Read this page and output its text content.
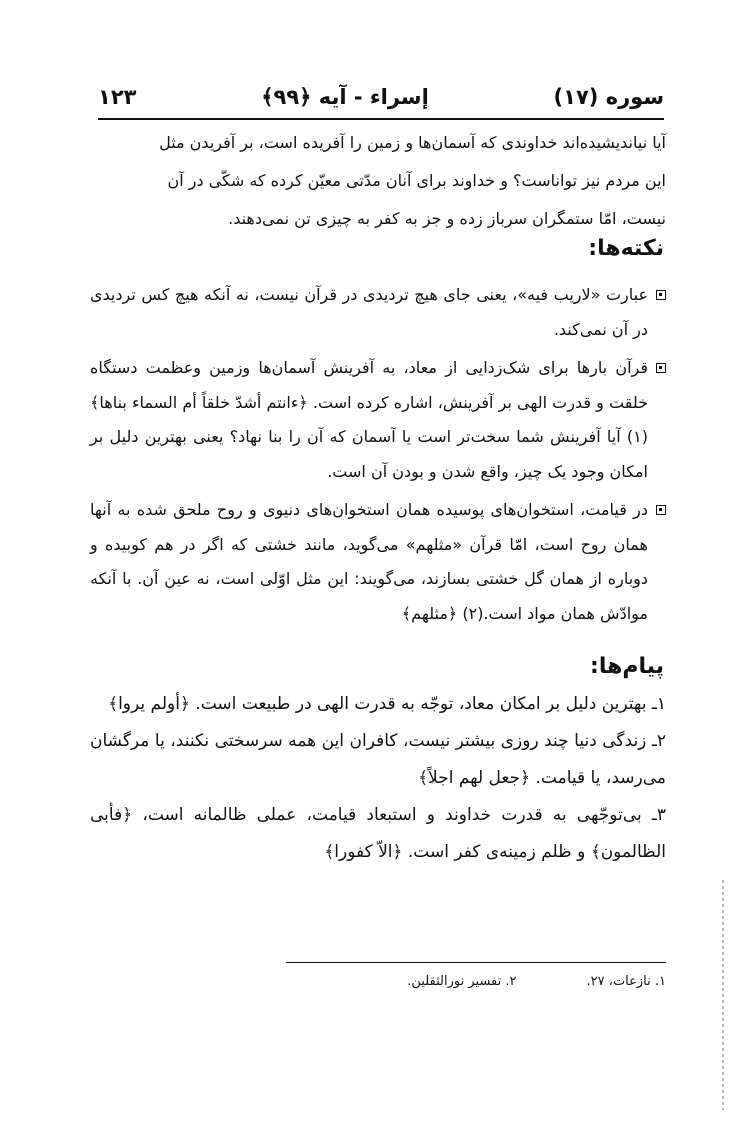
سوره (۱۷)
إسراء - آیه ﴿۹۹﴾
۱۲۳

آیا نیاندیشیده‌اند خداوندی که آسمان‌ها و زمین را آفریده است، بر آفریدن مثل

این مردم نیز تواناست؟ و خداوند برای آنان مدّتی معیّن کرده که شکّی در آن

نیست، امّا ستمگران سرباز زده و جز به کفر به چیزی تن نمی‌دهند.

نکته‌ها:

عبارت «لاریب فیه»، یعنی جای هیچ تردیدی در قرآن نیست، نه آنکه هیچ کس تردیدی در آن نمی‌کند.

قرآن بارها برای شک‌زدایی از معاد، به آفرینش آسمان‌ها وزمین وعظمت دستگاه خلقت و قدرت الهی بر آفرینش، اشاره کرده است. ﴿ءانتم أشدّ خلقاً أم السماء بناها﴾(۱) آیا آفرینش شما سخت‌تر است یا آسمان که آن را بنا نهاد؟ یعنی بهترین دلیل بر امکان وجود یک چیز، واقع شدن و بودن آن است.

در قیامت، استخوان‌های پوسیده همان استخوان‌های دنیوی و روح ملحق شده به آنها همان روح است، امّا قرآن «مثلهم» می‌گوید، مانند خشتی که اگر در هم کوبیده و دوباره از همان گل خشتی بسازند، می‌گویند: این مثل اوّلی است، نه عین آن. با آنکه موادّش همان مواد است.(۲) ﴿مثلهم﴾

پیام‌ها:

۱ـ بهترین دلیل بر امکان معاد، توجّه به قدرت الهی در طبیعت است. ﴿أولم یروا﴾

۲ـ زندگی دنیا چند روزی بیشتر نیست، کافران این همه سرسختی نکنند، یا مرگشان می‌رسد، یا قیامت. ﴿جعل لهم اجلاً﴾

۳ـ بی‌توجّهی به قدرت خداوند و استبعاد قیامت، عملی ظالمانه است، ﴿فأبی الظالمون﴾ و ظلم زمینه‌ی کفر است. ﴿الاّ کفورا﴾

۱. نازعات، ۲۷.
۲. تفسیر نورالثقلین.
